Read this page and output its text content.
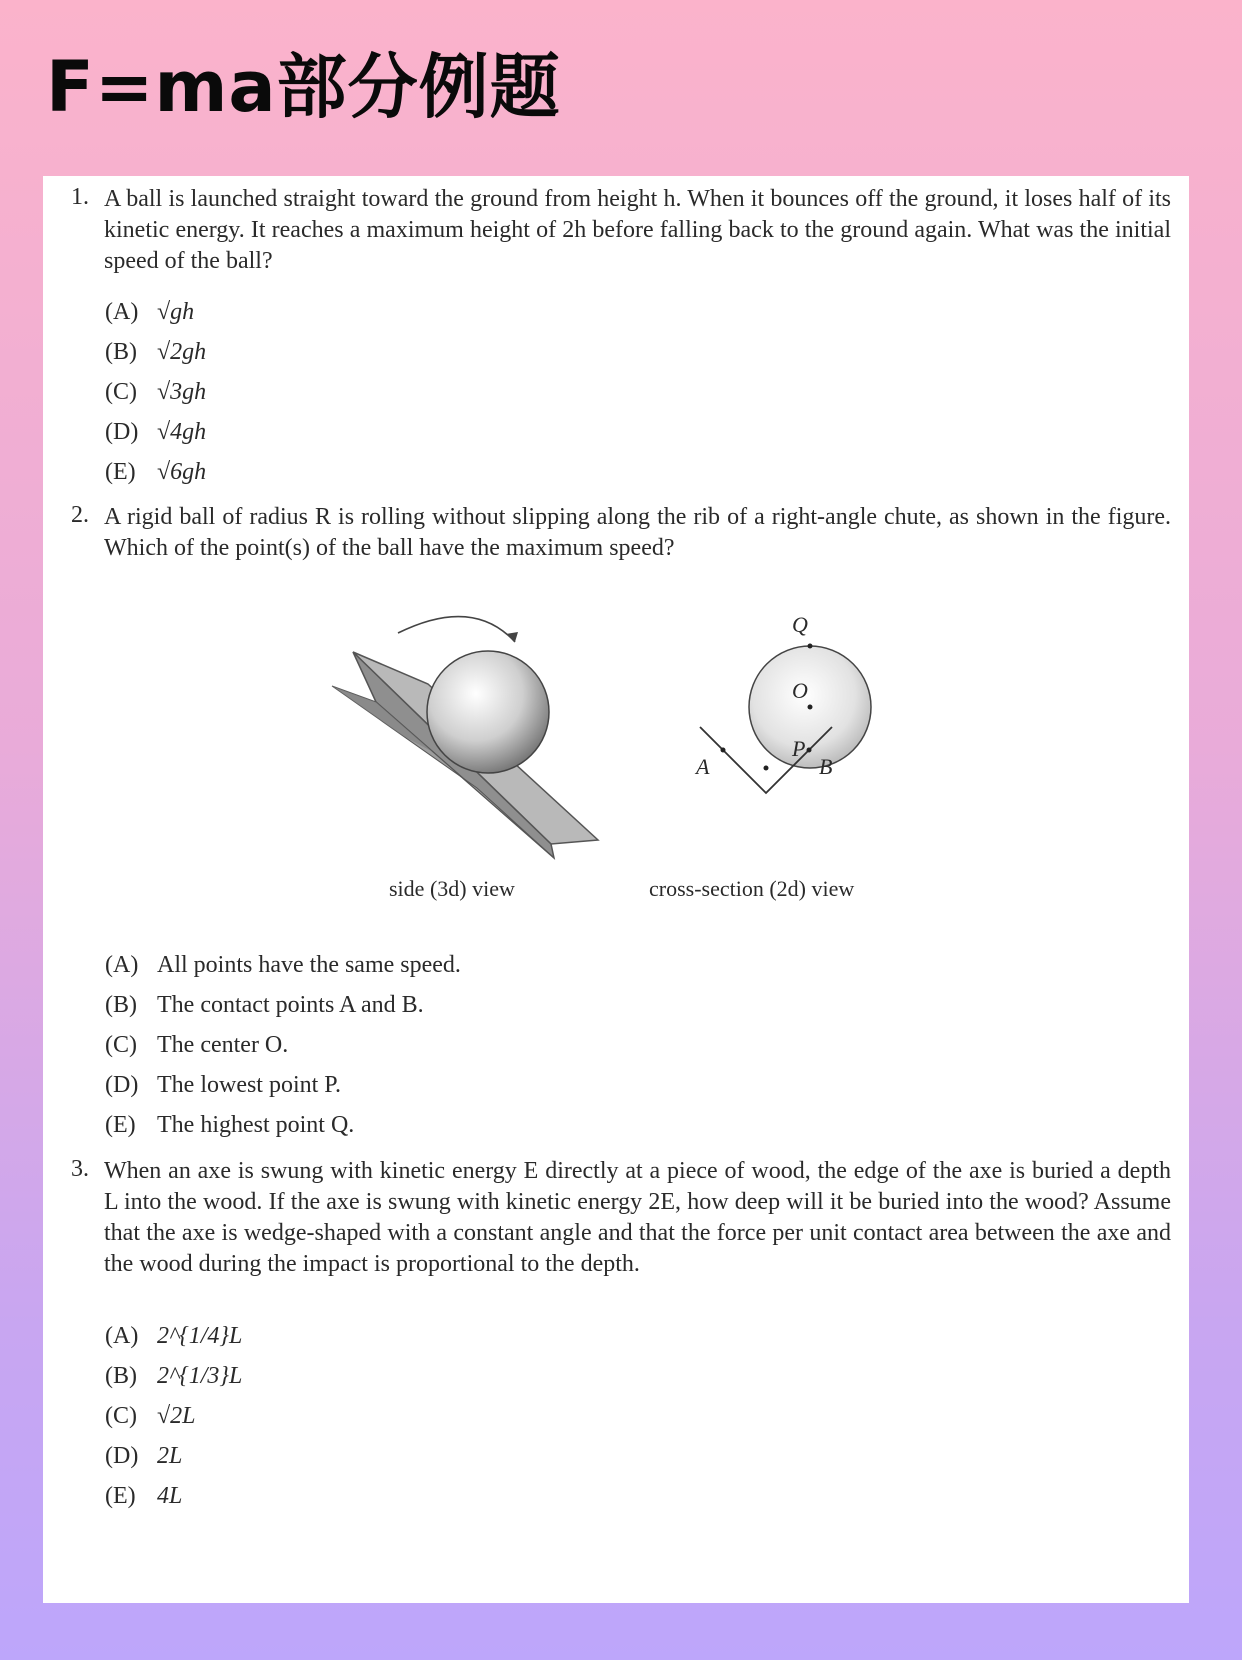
F=ma部分例题
1. A ball is launched straight toward the ground from height h. When it bounces off the ground, it loses half of its kinetic energy. It reaches a maximum height of 2h before falling back to the ground again. What was the initial speed of the ball?
(A) √gh
(B) √2gh
(C) √3gh
(D) √4gh
(E) √6gh
2. A rigid ball of radius R is rolling without slipping along the rib of a right-angle chute, as shown in the figure. Which of the point(s) of the ball have the maximum speed?
Q
O
P
A	B
side (3d) view	cross-section (2d) view
(A) All points have the same speed.
(B) The contact points A and B.
(C) The center O.
(D) The lowest point P.
(E) The highest point Q.
3. When an axe is swung with kinetic energy E directly at a piece of wood, the edge of the axe is buried a depth L into the wood. If the axe is swung with kinetic energy 2E, how deep will it be buried into the wood? Assume that the axe is wedge-shaped with a constant angle and that the force per unit contact area between the axe and the wood during the impact is proportional to the depth.
(A) 2^{1/4}L
(B) 2^{1/3}L
(C) √2L
(D) 2L
(E) 4L
